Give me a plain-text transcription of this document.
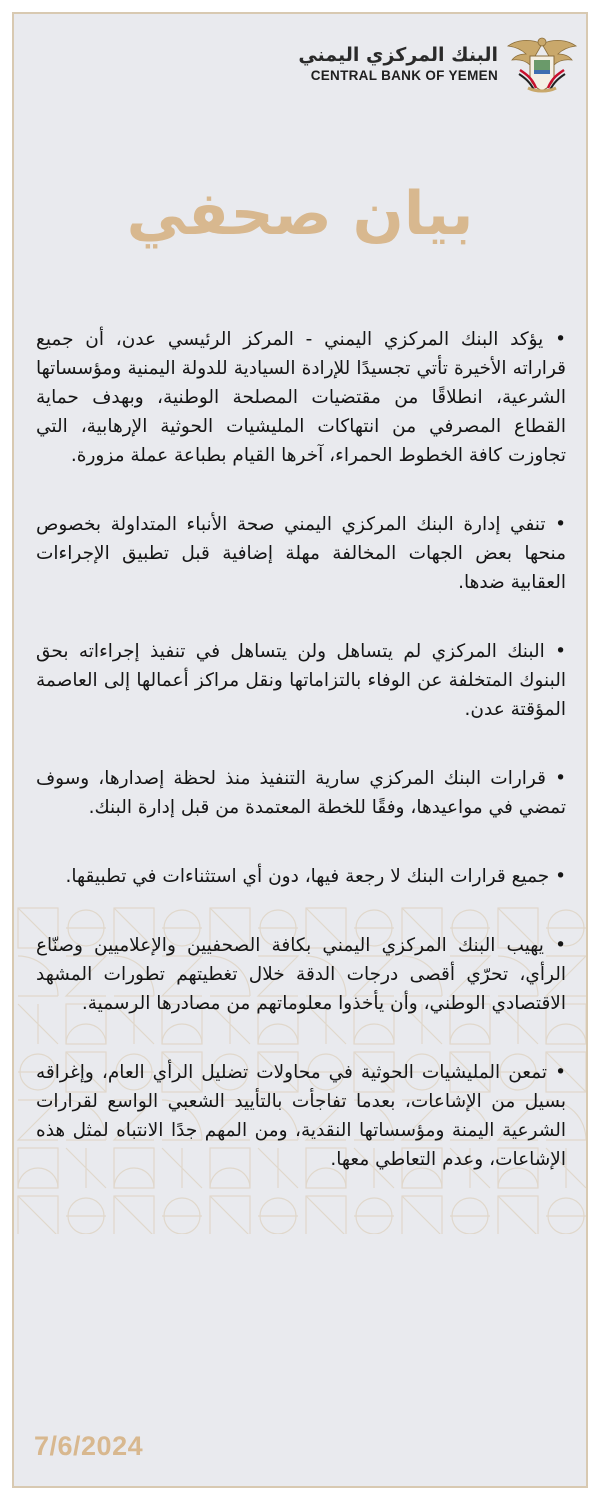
البنك المركزي اليمني
CENTRAL BANK OF YEMEN
بيان صحفي

• يؤكد البنك المركزي اليمني - المركز الرئيسي عدن، أن جميع قراراته الأخيرة تأتي تجسيدًا للإرادة السيادية للدولة اليمنية ومؤسساتها الشرعية، انطلاقًا من مقتضيات المصلحة الوطنية، وبهدف حماية القطاع المصرفي من انتهاكات المليشيات الحوثية الإرهابية، التي تجاوزت كافة الخطوط الحمراء، آخرها القيام بطباعة عملة مزورة.

• تنفي إدارة البنك المركزي اليمني صحة الأنباء المتداولة بخصوص منحها بعض الجهات المخالفة مهلة إضافية قبل تطبيق الإجراءات العقابية ضدها.

• البنك المركزي لم يتساهل ولن يتساهل في تنفيذ إجراءاته بحق البنوك المتخلفة عن الوفاء بالتزاماتها ونقل مراكز أعمالها إلى العاصمة المؤقتة عدن.

• قرارات البنك المركزي سارية التنفيذ منذ لحظة إصدارها، وسوف تمضي في مواعيدها، وفقًا للخطة المعتمدة من قبل إدارة البنك.

• جميع قرارات البنك لا رجعة فيها، دون أي استثناءات في تطبيقها.

• يهيب البنك المركزي اليمني بكافة الصحفيين والإعلاميين وصنّاع الرأي، تحرّي أقصى درجات الدقة خلال تغطيتهم تطورات المشهد الاقتصادي الوطني، وأن يأخذوا معلوماتهم من مصادرها الرسمية.

• تمعن المليشيات الحوثية في محاولات تضليل الرأي العام، وإغراقه بسيل من الإشاعات، بعدما تفاجأت بالتأييد الشعبي الواسع لقرارات الشرعية اليمنة ومؤسساتها النقدية، ومن المهم جدًا الانتباه لمثل هذه الإشاعات، وعدم التعاطي معها.

7/6/2024
